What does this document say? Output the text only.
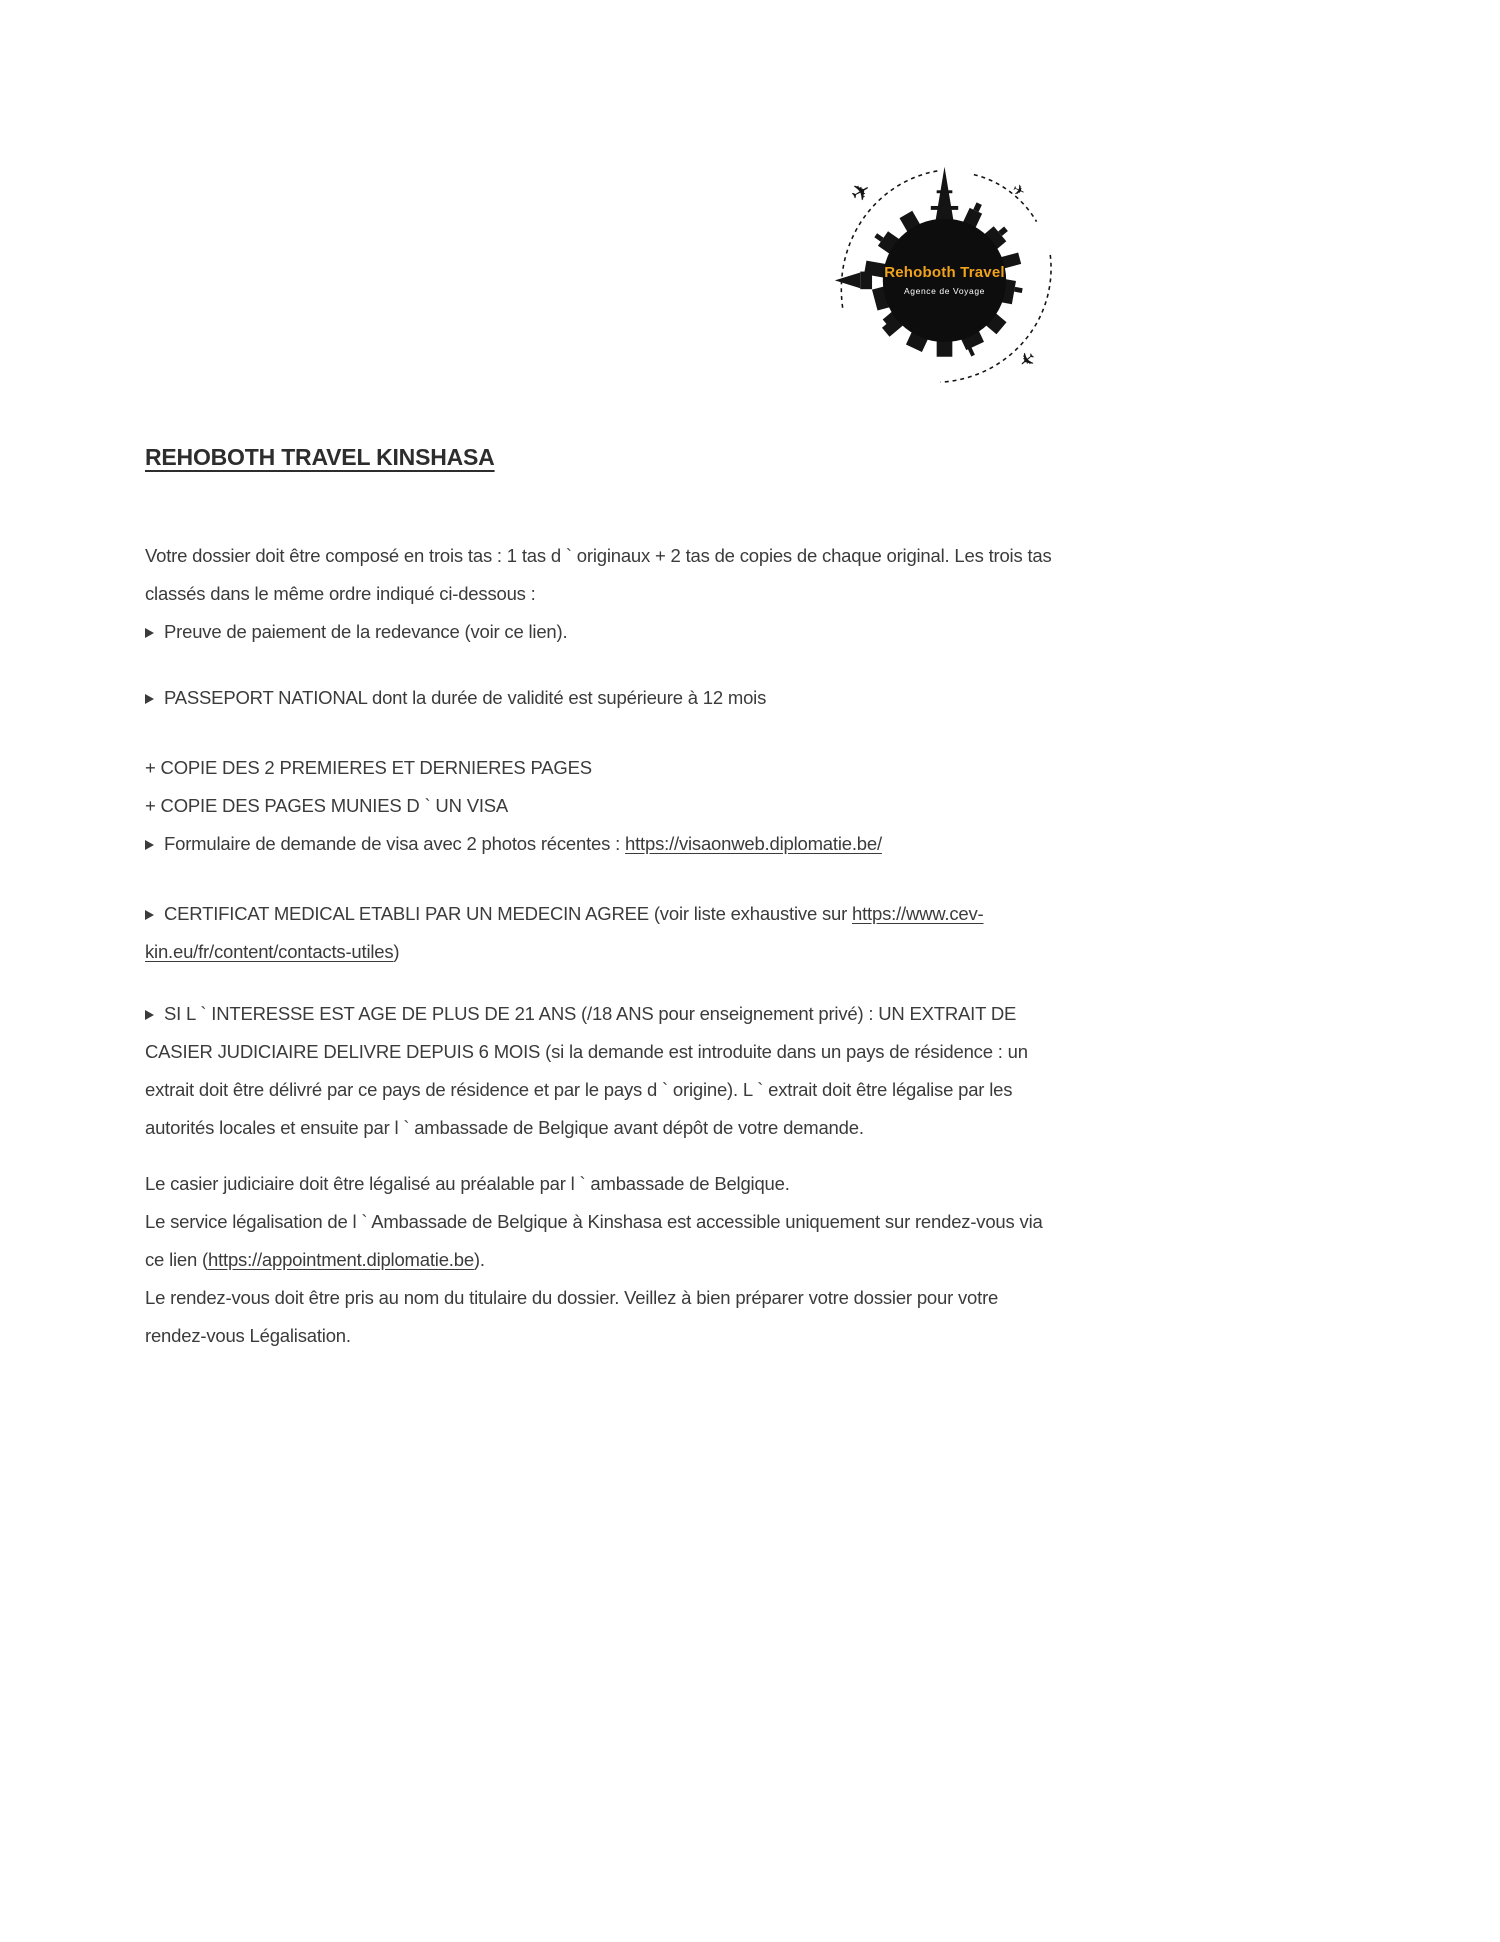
✈	✈
✈
Rehoboth Travel
Agence de Voyage
REHOBOTH TRAVEL KINSHASA

Votre dossier doit être composé en trois tas : 1 tas d ` originaux + 2 tas de copies de chaque original. Les trois tas classés dans le même ordre indiqué ci-dessous :

Preuve de paiement de la redevance (voir ce lien).

PASSEPORT NATIONAL dont la durée de validité est supérieure à 12 mois

+ COPIE DES 2 PREMIERES ET DERNIERES PAGES

+ COPIE DES PAGES MUNIES D ` UN VISA

Formulaire de demande de visa avec 2 photos récentes : https://visaonweb.diplomatie.be/

CERTIFICAT MEDICAL ETABLI PAR UN MEDECIN AGREE (voir liste exhaustive sur https://www.cev-kin.eu/fr/content/contacts-utiles)

SI L ` INTERESSE EST AGE DE PLUS DE 21 ANS (/18 ANS pour enseignement privé) : UN EXTRAIT DE CASIER JUDICIAIRE DELIVRE DEPUIS 6 MOIS (si la demande est introduite dans un pays de résidence : un extrait doit être délivré par ce pays de résidence et par le pays d ` origine). L ` extrait doit être légalise par les autorités locales et ensuite par l ` ambassade de Belgique avant dépôt de votre demande.

Le casier judiciaire doit être légalisé au préalable par l ` ambassade de Belgique.

Le service légalisation de l ` Ambassade de Belgique à Kinshasa est accessible uniquement sur rendez-vous via ce lien (https://appointment.diplomatie.be).

Le rendez-vous doit être pris au nom du titulaire du dossier. Veillez à bien préparer votre dossier pour votre rendez-vous Légalisation.
